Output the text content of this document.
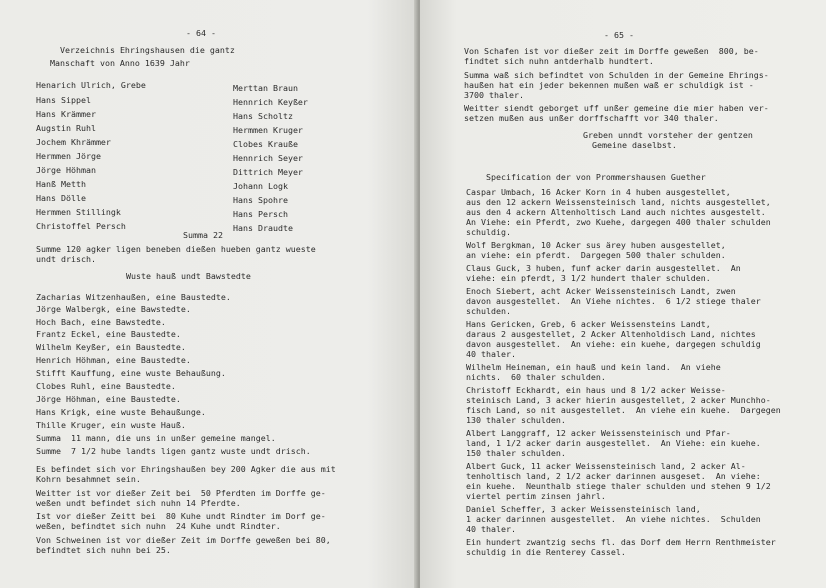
- 64 -
Verzeichnis Ehringshausen die gantz
Manschaft von Anno 1639 Jahr
Henarich Ulrich, Grebe
Hans Sippel
Hans Krämmer
Augstin Ruhl
Jochem Khrämmer
Hermmen Jörge
Jörge Höhman
Hanß Metth
Hans Dölle
Hermmen Stillingk
Christoffel Persch
Merttan Braun
Hennrich Keyßer
Hans Scholtz
Hermmen Kruger
Clobes Krauße
Hennrich Seyer
Dittrich Meyer
Johann Logk
Hans Spohre
Hans Persch
Hans Draudte
Summa 22
Summe 120 agker ligen beneben dießen hueben gantz wueste
undt drisch.
Wuste hauß undt Bawstedte
Zacharias Witzenhaußen, eine Baustedte.
Jörge Walbergk, eine Bawstedte.
Hoch Bach, eine Bawstedte.
Frantz Eckel, eine Baustedte.
Wilhelm Keyßer, ein Baustedte.
Henrich Höhman, eine Baustedte.
Stifft Kauffung, eine wuste Behaußung.
Clobes Ruhl, eine Baustedte.
Jörge Höhman, eine Baustedte.
Hans Krigk, eine wuste Behaußunge.
Thille Kruger, ein wuste Hauß.
Summa  11 mann, die uns in unßer gemeine mangel.
Summe  7 1/2 hube landts ligen gantz wuste undt drisch.
Es befindet sich vor Ehringshaußen bey 200 Agker die aus mit
Kohrn besahmnet sein.
Weitter ist vor dießer Zeit bei  50 Pferdten im Dorffe ge-
weßen undt befindet sich nuhn 14 Pferdte.
Ist vor dießer Zeitt bei  80 Kuhe undt Rindter im Dorf ge-
weßen, befindtet sich nuhn  24 Kuhe undt Rindter.
Von Schweinen ist vor dießer Zeit im Dorffe geweßen bei 80,
befindtet sich nuhn bei 25.
- 65 -
Von Schafen ist vor dießer zeit im Dorffe geweßen  800, be-
findtet sich nuhn antderhalb hundtert.
Summa waß sich befindtet von Schulden in der Gemeine Ehrings-
haußen hat ein jeder bekennen mußen waß er schuldigk ist -
3700 thaler.
Weitter siendt geborget uff unßer gemeine die mier haben ver-
setzen mußen aus unßer dorffschafft vor 340 thaler.
Greben unndt vorsteher der gentzen
Gemeine daselbst.
Specification der von Prommershausen Guether
Caspar Umbach, 16 Acker Korn in 4 huben ausgestellet,
aus den 12 ackern Weissensteinisch land, nichts ausgestellet,
aus den 4 ackern Altenholtisch Land auch nichtes ausgestelt.
An Viehe: ein Pferdt, zwo Kuehe, dargegen 400 thaler schulden
schuldig.
Wolf Bergkman, 10 Acker sus ärey huben ausgestellet,
an viehe: ein pferdt.  Dargegen 500 thaler schulden.
Claus Guck, 3 huben, funf acker darin ausgestellet.  An
viehe: ein pferdt, 3 1/2 hundert thaler schulden.
Enoch Siebert, acht Acker Weissensteinisch Landt, zwen
davon ausgestellet.  An Viehe nichtes.  6 1/2 stiege thaler
schulden.
Hans Gericken, Greb, 6 acker Weissensteins Landt,
daraus 2 ausgestellet, 2 Acker Altenholdisch Land, nichtes
davon ausgestellet.  An viehe: ein kuehe, dargegen schuldig
40 thaler.
Wilhelm Heineman, ein hauß und kein land.  An viehe
nichts.  60 thaler schulden.
Christoff Eckhardt, ein haus und 8 1/2 acker Weisse-
steinisch Land, 3 acker hierin ausgestellet, 2 acker Munchho-
fisch Land, so nit ausgestellet.  An viehe ein kuehe.  Dargegen
130 thaler schulden.
Albert Langgraff, 12 acker Weissensteinisch und Pfar-
land, 1 1/2 acker darin ausgestellet.  An Viehe: ein kuehe.
150 thaler schulden.
Albert Guck, 11 acker Weissensteinisch land, 2 acker Al-
tenholtisch land, 2 1/2 acker darinnen ausgeset.  An viehe:
ein kuehe.  Neunthalb stiege thaler schulden und stehen 9 1/2
viertel pertim zinsen jahrl.
Daniel Scheffer, 3 acker Weissensteinisch land,
1 acker darinnen ausgestellet.  An viehe nichtes.  Schulden
40 thaler.
Ein hundert zwantzig sechs fl. das Dorf dem Herrn Renthmeister
schuldig in die Renterey Cassel.
